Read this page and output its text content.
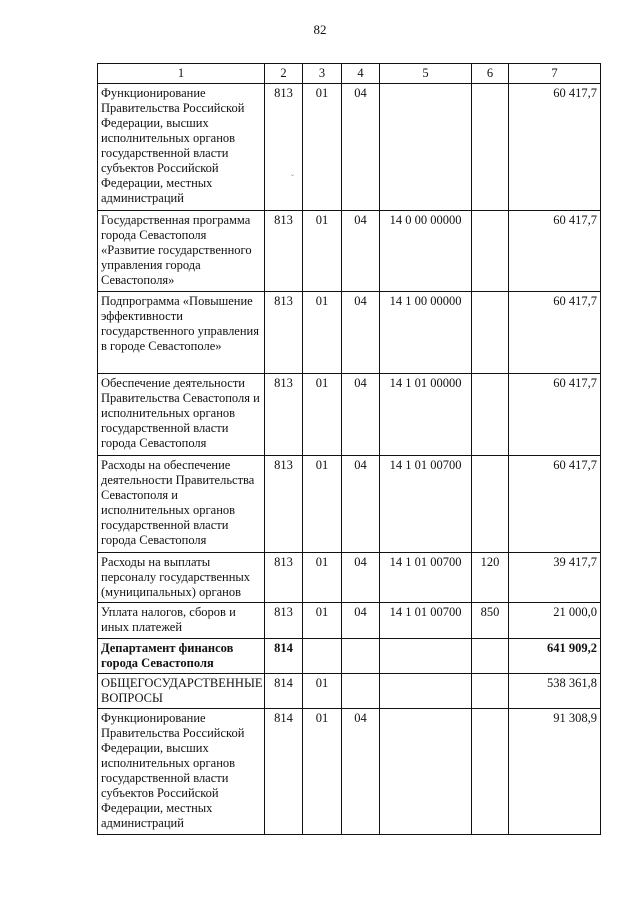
82
1	2	3	4	5	6	7
Функционирование Правительства Российской Федерации, высших исполнительных органов государственной власти субъектов Российской Федерации, местных администраций	813	01	04			60 417,7
Государственная программа города Севастополя «Развитие государственного управления города Севастополя»	813	01	04	14 0 00 00000		60 417,7
Подпрограмма «Повышение эффективности государственного управления в городе Севастополе»	813	01	04	14 1 00 00000		60 417,7
Обеспечение деятельности Правительства Севастополя и исполнительных органов государственной власти города Севастополя	813	01	04	14 1 01 00000		60 417,7
Расходы на обеспечение деятельности Правительства Севастополя и исполнительных органов государственной власти города Севастополя	813	01	04	14 1 01 00700		60 417,7
Расходы на выплаты персоналу государственных (муниципальных) органов	813	01	04	14 1 01 00700	120	39 417,7
Уплата налогов, сборов и иных платежей	813	01	04	14 1 01 00700	850	21 000,0
Департамент финансов города Севастополя	814					641 909,2
ОБЩЕГОСУДАРСТВЕННЫЕ ВОПРОСЫ	814	01				538 361,8
Функционирование Правительства Российской Федерации, высших исполнительных органов государственной власти субъектов Российской Федерации, местных администраций	814	01	04			91 308,9
˘
